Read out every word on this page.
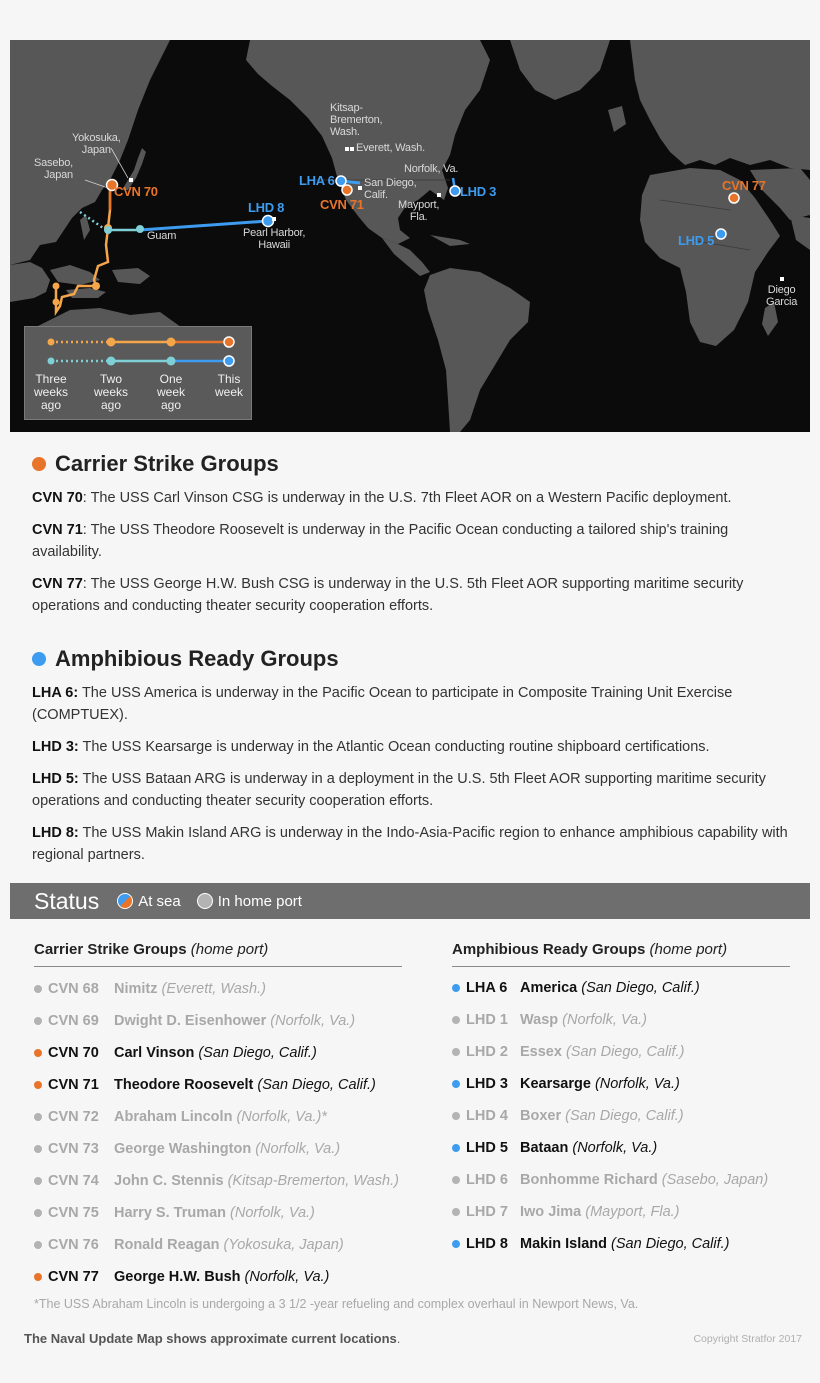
Yokosuka,
Japan
Sasebo,
Japan
CVN 70
Guam
LHD 8
Pearl Harbor,
Hawaii
Kitsap-
Bremerton,
Wash.
Everett, Wash.
LHA 6	San Diego,
Calif.
CVN 71
Norfolk, Va.
LHD 3
Mayport,
Fla.
CVN 77
LHD 5
Diego
Garcia
Three
weeks
ago
Two
weeks
ago
One
week
ago
This
week
Carrier Strike Groups
CVN 70: The USS Carl Vinson CSG is underway in the U.S. 7th Fleet AOR on a Western Pacific deployment.
CVN 71: The USS Theodore Roosevelt is underway in the Pacific Ocean conducting a tailored ship's training availability.
CVN 77: The USS George H.W. Bush CSG is underway in the U.S. 5th Fleet AOR supporting maritime security operations and conducting theater security cooperation efforts.
Amphibious Ready Groups
LHA 6: The USS America is underway in the Pacific Ocean to participate in Composite Training Unit Exercise (COMPTUEX).
LHD 3: The USS Kearsarge is underway in the Atlantic Ocean conducting routine shipboard certifications.
LHD 5: The USS Bataan ARG is underway in a deployment in the U.S. 5th Fleet AOR supporting maritime security operations and conducting theater security cooperation efforts.
LHD 8: The USS Makin Island ARG is underway in the Indo-Asia-Pacific region to enhance amphibious capability with regional partners.
Status	At sea In home port
Carrier Strike Groups (home port)	Amphibious Ready Groups (home port)
CVN 68	Nimitz (Everett, Wash.)
CVN 69	Dwight D. Eisenhower (Norfolk, Va.)
CVN 70	Carl Vinson (San Diego, Calif.)
CVN 71	Theodore Roosevelt (San Diego, Calif.)
CVN 72	Abraham Lincoln (Norfolk, Va.)*
CVN 73	George Washington (Norfolk, Va.)
CVN 74	John C. Stennis (Kitsap-Bremerton, Wash.)
CVN 75	Harry S. Truman (Norfolk, Va.)
CVN 76	Ronald Reagan (Yokosuka, Japan)
CVN 77	George H.W. Bush (Norfolk, Va.)
LHA 6 America (San Diego, Calif.)
LHD 1 Wasp (Norfolk, Va.)
LHD 2 Essex (San Diego, Calif.)
LHD 3 Kearsarge (Norfolk, Va.)
LHD 4 Boxer (San Diego, Calif.)
LHD 5 Bataan (Norfolk, Va.)
LHD 6 Bonhomme Richard (Sasebo, Japan)
LHD 7 Iwo Jima (Mayport, Fla.)
LHD 8 Makin Island (San Diego, Calif.)
*The USS Abraham Lincoln is undergoing a 3 1/2 -year refueling and complex overhaul in Newport News, Va.
The Naval Update Map shows approximate current locations.	Copyright Stratfor 2017
